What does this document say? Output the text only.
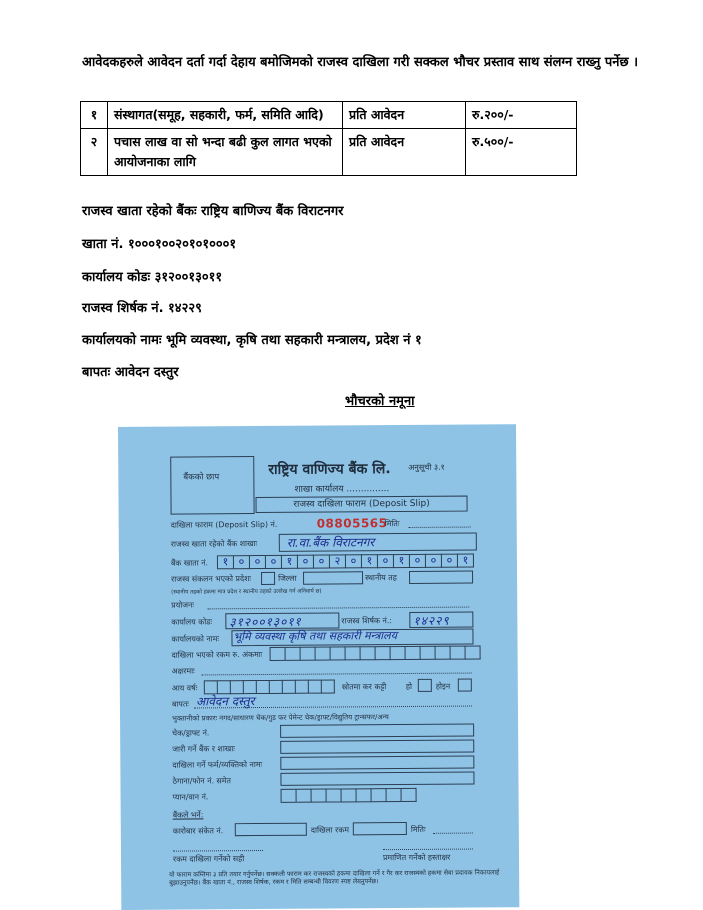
आवेदकहरुले आवेदन दर्ता गर्दा देहाय बमोजिमको राजस्व दाखिला गरी सक्कल भौचर प्रस्ताव साथ संलग्न राख्नु पर्नेछ ।
१	संस्थागत(समूह, सहकारी, फर्म, समिति आदि)	प्रति आवेदन	रु.२००/-
२	पचास लाख वा सो भन्दा बढी कुल लागत भएको आयोजनाका लागि	प्रति आवेदन	रु.५००/-
राजस्व खाता रहेको बैंकः राष्ट्रिय बाणिज्य बैंक विराटनगर
खाता नं. १०००१००२०१०१०००१
कार्यालय कोडः ३१२००१३०११
राजस्व शिर्षक नं. १४२२९
कार्यालयको नामः भूमि व्यवस्था, कृषि तथा सहकारी मन्त्रालय, प्रदेश नं १
बापतः आवेदन दस्तुर
भौचरको नमूना
बैंकको छाप	राष्ट्रिय वाणिज्य बैंक लि. अनुसूची ३.१
शाखा कार्यालय ...............
राजस्व दाखिला फाराम (Deposit Slip)
दाखिला फाराम (Deposit Slip) नं.	08805565
मितिः
राजस्व खाता रहेको बैंक शाखाः रा.वा.बैंक विराटनगर
बैंक खाता नं.	१ ० ० ० १ ० ० २ ० १ ० १ ० ० ० १
राजस्व संकलन भएको प्रदेशः	जिल्ला	स्थानीय तह
(स्थानीय तहको हकमा मात्र प्रदेश र स्थानीय तहको उल्लेख गर्न अनिवार्य छ)
प्रयोजनः
कार्यालय कोडः ३१२००१३०११	राजस्व शिर्षक नं.: १४२२९
कार्यालयको नामः भूमि व्यवस्था कृषि तथा सहकारी मन्त्रालय
दाखिला भएको रकम रु. अंकमाः
अक्षरमाः
आय वर्षः	स्रोतमा कर कट्टी हो	होइन
बापतः आवेदन दस्तुर
भुक्तानीको प्रकारः नगद/साधारण चेक/गुड फर पेमेन्ट चेक/ड्राफ्ट/विद्युतिय ट्रान्सफर/अन्य
चेक/ड्राफ्ट नं.
जारी गर्ने बैंक र शाखाः
दाखिला गर्ने फर्म/व्यक्तिको नामः
ठेगाना/फोन नं. समेत
प्यान/वान नं.
बैंकले भर्ने:
कारोबार संकेत नं.	दाखिला रकम	मितिः
रकम दाखिला गर्नेको सही	प्रमाणित गर्नेको हस्ताक्षर
यो फाराम कम्तिमा ३ प्रति तयार गर्नुपर्नेछ। सक्कली फाराम कर राजस्वको हकमा दाखिला गर्ने र गैर कर राजस्वको हकमा सेवा प्रदायक निकायलाई बुझाउनुपर्नेछ। बैंक खाता नं., राजस्व शिर्षक, रकम र मिति सम्बन्धी विवरण स्पष्ट लेख्नुपर्नेछ।
